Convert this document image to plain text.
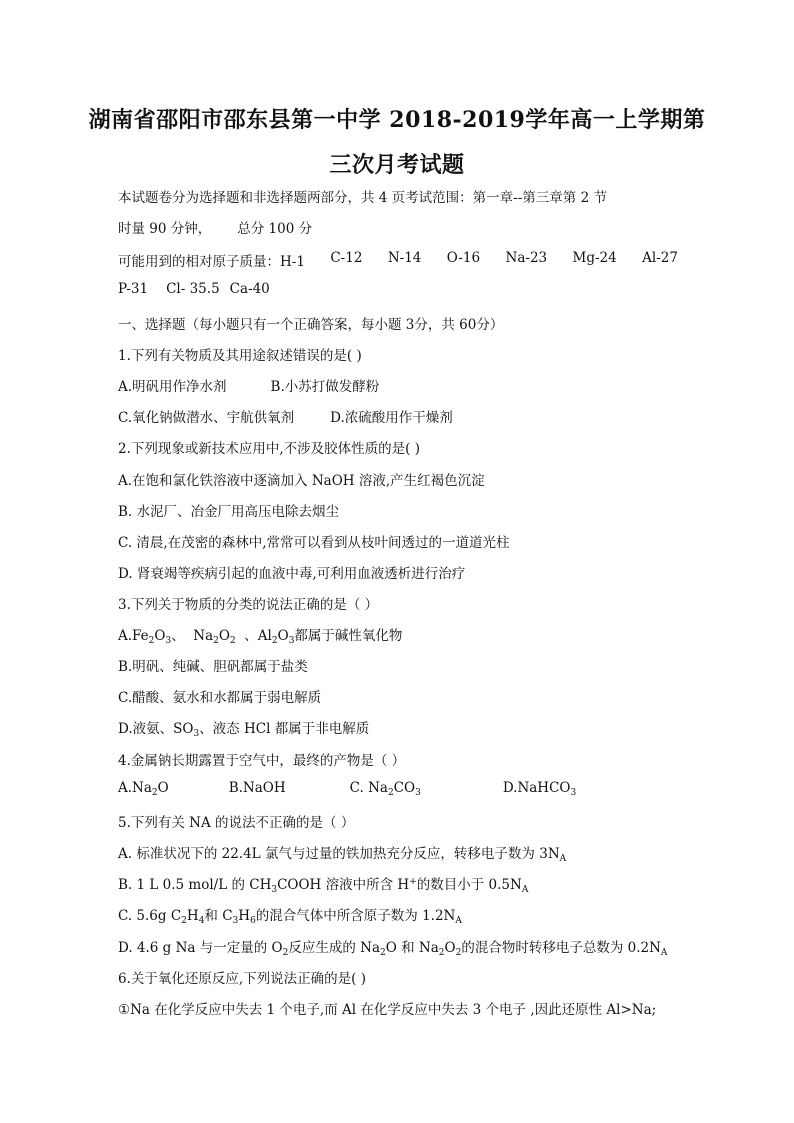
湖南省邵阳市邵东县第一中学 2018-2019学年高一上学期第
三次月考试题
本试题卷分为选择题和非选择题两部分，共 4 页考试范围：第一章--第三章第 2 节
时量 90 分钟， 总分 100 分
可能用到的相对原子质量：H-1 C-12 N-14 O-16 Na-23 Mg-24 Al-27
P-31 Cl- 35.5 Ca-40
一、选择题（每小题只有一个正确答案，每小题 3分，共 60分）
1.下列有关物质及其用途叙述错误的是( )
A.明矾用作净水剂	B.小苏打做发酵粉
C.氧化钠做潜水、宇航供氧剂	D.浓硫酸用作干燥剂
2.下列现象或新技术应用中,不涉及胶体性质的是( )
A.在饱和氯化铁溶液中逐滴加入 NaOH 溶液,产生红褐色沉淀
B. 水泥厂、冶金厂用高压电除去烟尘
C. 清晨,在茂密的森林中,常常可以看到从枝叶间透过的一道道光柱
D. 肾衰竭等疾病引起的血液中毒,可利用血液透析进行治疗
3.下列关于物质的分类的说法正确的是（ ）
$A.Fe_2O_3$、  $Na_2O_2$  、$Al_2O_3$都属于碱性氧化物
B.明矾、纯碱、胆矾都属于盐类
C.醋酸、氨水和水都属于弱电解质
D.液氨、$SO_3$、液态 HCl 都属于非电解质
4.金属钠长期露置于空气中，最终的产物是（ ）
$A.Na_2O$	B.NaOH	C. $Na_2CO_3$	D.NaHCO$_3$
5.下列有关 NA 的说法不正确的是（ ）
A. 标准状况下的 22.4L 氯气与过量的铁加热充分反应，转移电子数为 $3N_A$
B. 1 L 0.5 mol/L 的 $CH_3COOH$ 溶液中所含 H+的数目小于 $0.5N_A$
C. 5.6g $C_2H_4$和 $C_3H_6$的混合气体中所含原子数为 $1.2N_A$
D. 4.6 g Na 与一定量的 $O_2$反应生成的 $Na_2O$ 和 $Na_2O_2$的混合物时转移电子总数为 $0.2N_A$
6.关于氧化还原反应,下列说法正确的是( )
①Na 在化学反应中失去 1 个电子,而 Al 在化学反应中失去 3 个电子 ,因此还原性 Al>Na;
